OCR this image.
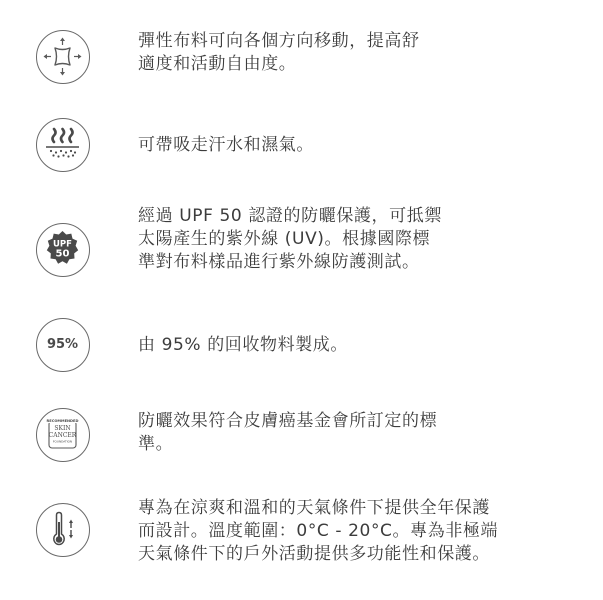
彈性布料可向各個方向移動，提高舒
適度和活動自由度。

可帶吸走汗水和濕氣。

UPF
50

經過 UPF 50 認證的防曬保護，可抵禦
太陽產生的紫外線 (UV)。根據國際標
準對布料樣品進行紫外線防護測試。

95%	由 95% 的回收物料製成。

RECOMMENDED
SKIN
CANCER
FOUNDATION

防曬效果符合皮膚癌基金會所訂定的標
準。

專為在涼爽和溫和的天氣條件下提供全年保護
而設計。溫度範圍：0°C - 20°C。專為非極端
天氣條件下的戶外活動提供多功能性和保護。
